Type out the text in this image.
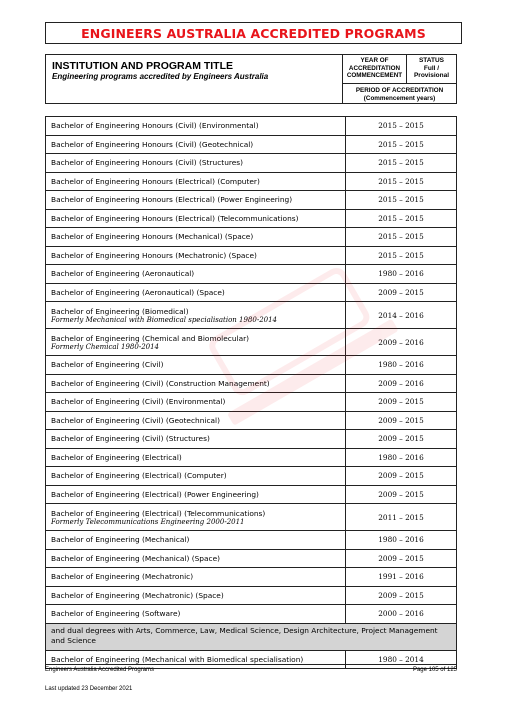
ENGINEERS AUSTRALIA ACCREDITED PROGRAMS
INSTITUTION AND PROGRAM TITLE
Engineering programs accredited by Engineers Australia
YEAR OF
ACCREDITATION
COMMENCEMENT
STATUS
Full /
Provisional
PERIOD OF ACCREDITATION
(Commencement years)
Bachelor of Engineering Honours (Civil) (Environmental)	2015 – 2015
Bachelor of Engineering Honours (Civil) (Geotechnical)	2015 – 2015
Bachelor of Engineering Honours (Civil) (Structures)	2015 – 2015
Bachelor of Engineering Honours (Electrical) (Computer)	2015 – 2015
Bachelor of Engineering Honours (Electrical) (Power Engineering)	2015 – 2015
Bachelor of Engineering Honours (Electrical) (Telecommunications)	2015 – 2015
Bachelor of Engineering Honours (Mechanical) (Space)	2015 – 2015
Bachelor of Engineering Honours (Mechatronic) (Space)	2015 – 2015
Bachelor of Engineering (Aeronautical)	1980 – 2016
Bachelor of Engineering (Aeronautical) (Space)	2009 – 2015
Bachelor of Engineering (Biomedical)
Formerly Mechanical with Biomedical specialisation 1980-2014	2014 – 2016
Bachelor of Engineering (Chemical and Biomolecular)
Formerly Chemical 1980-2014	2009 – 2016
Bachelor of Engineering (Civil)	1980 – 2016
Bachelor of Engineering (Civil) (Construction Management)	2009 – 2016
Bachelor of Engineering (Civil) (Environmental)	2009 – 2015
Bachelor of Engineering (Civil) (Geotechnical)	2009 – 2015
Bachelor of Engineering (Civil) (Structures)	2009 – 2015
Bachelor of Engineering (Electrical)	1980 – 2016
Bachelor of Engineering (Electrical) (Computer)	2009 – 2015
Bachelor of Engineering (Electrical) (Power Engineering)	2009 – 2015
Bachelor of Engineering (Electrical) (Telecommunications)
Formerly Telecommunications Engineering 2000-2011	2011 – 2015
Bachelor of Engineering (Mechanical)	1980 – 2016
Bachelor of Engineering (Mechanical) (Space)	2009 – 2015
Bachelor of Engineering (Mechatronic)	1991 – 2016
Bachelor of Engineering (Mechatronic) (Space)	2009 – 2015
Bachelor of Engineering (Software)	2000 – 2016
and dual degrees with Arts, Commerce, Law, Medical Science, Design Architecture, Project Management and Science
Bachelor of Engineering (Mechanical with Biomedical specialisation)	1980 – 2014
Engineers Australia Accredited Programs	Page 105 of 125
Last updated 23 December 2021
